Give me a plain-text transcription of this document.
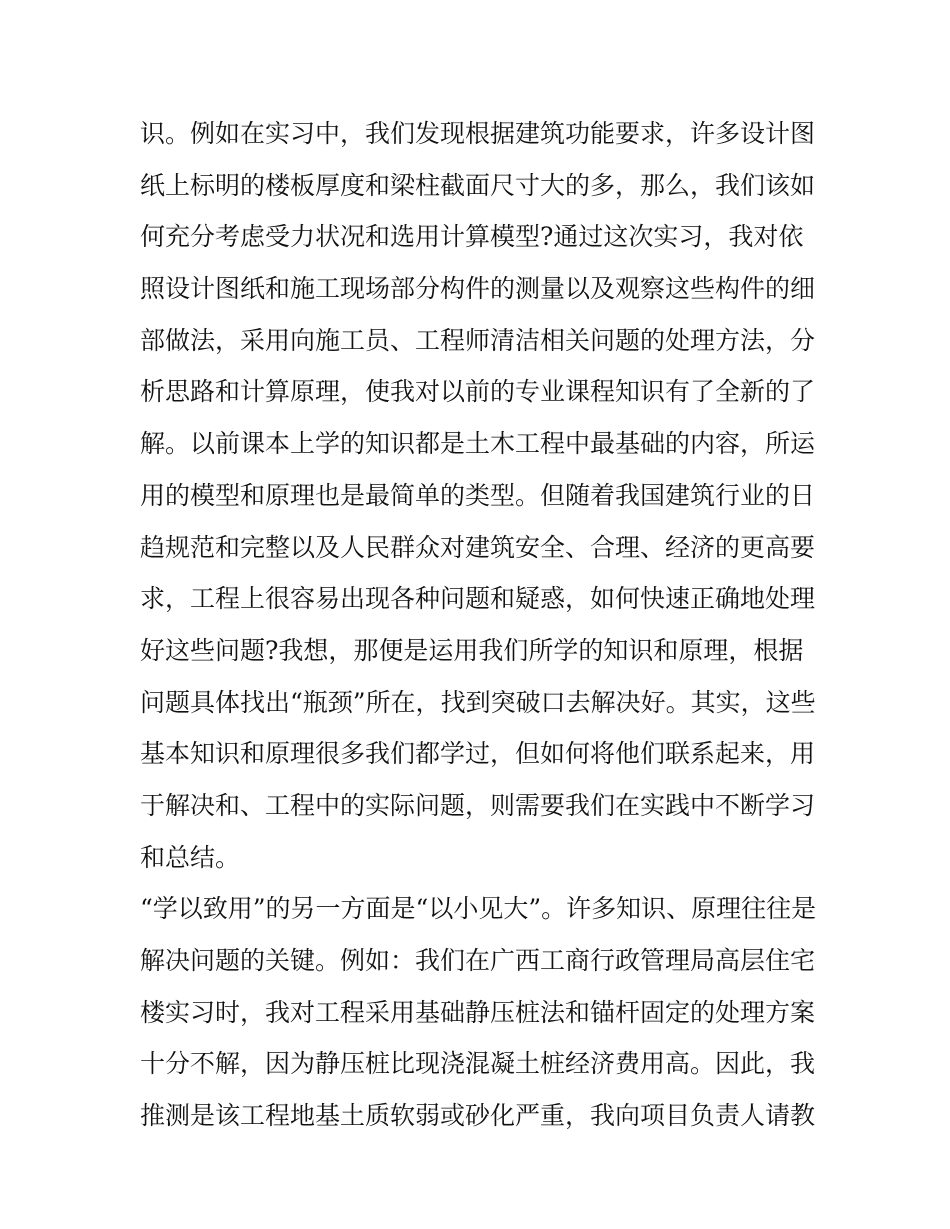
识。例如在实习中，我们发现根据建筑功能要求，许多设计图
纸上标明的楼板厚度和梁柱截面尺寸大的多，那么，我们该如
何充分考虑受力状况和选用计算模型?通过这次实习，我对依
照设计图纸和施工现场部分构件的测量以及观察这些构件的细
部做法，采用向施工员、工程师清洁相关问题的处理方法，分
析思路和计算原理，使我对以前的专业课程知识有了全新的了
解。以前课本上学的知识都是土木工程中最基础的内容，所运
用的模型和原理也是最简单的类型。但随着我国建筑行业的日
趋规范和完整以及人民群众对建筑安全、合理、经济的更高要
求，工程上很容易出现各种问题和疑惑，如何快速正确地处理
好这些问题?我想，那便是运用我们所学的知识和原理，根据
问题具体找出“瓶颈”所在，找到突破口去解决好。其实，这些
基本知识和原理很多我们都学过，但如何将他们联系起来，用
于解决和、工程中的实际问题，则需要我们在实践中不断学习
和总结。
“学以致用”的另一方面是“以小见大”。许多知识、原理往往是
解决问题的关键。例如：我们在广西工商行政管理局高层住宅
楼实习时，我对工程采用基础静压桩法和锚杆固定的处理方案
十分不解，因为静压桩比现浇混凝土桩经济费用高。因此，我
推测是该工程地基土质软弱或砂化严重，我向项目负责人请教
